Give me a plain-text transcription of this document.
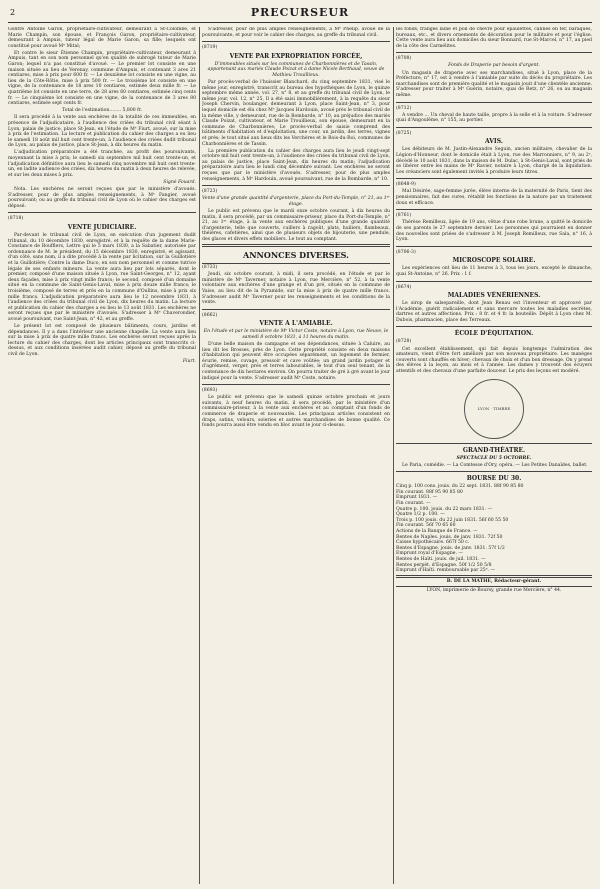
2	PRECURSEUR

Gontre Antoine Garon, propriétaire-cultivateur, demeurant à St-Colombe, et Marie Champin, son épouse, et François Garon, propriétaire-cultivateur, demeurant à Ampuis, tuteur légal de Marie Garon, sa fille; lesquels ont constitué pour avoué Mᵉ Mital;

Et contre le sieur Étienne Champin, propriétaire-cultivateur, demeurant à Ampuis, tant en son nom personnel qu'en qualité de subrogé tuteur de Marie Garon; lequel n'a pas constitué d'avoué. — Le premier lot consiste en une maison située au lieu de Verenay, commune d'Ampuis, et contenant 3 ares 21 centiares, mise à prix pour 600 fr. — Le deuxième lot consiste en une vigne, au lieu de la Côte-Rôtie, mise à prix 500 fr. — Le troisième lot consiste en une vigne, de la contenance de 18 ares 10 centiares, estimée deux mille fr. — Le quatrième lot consiste en une terre, de 28 ares 60 centiares, estimée cinq cents fr. — Le cinquième lot consiste en une vigne, de la contenance de 3 ares 80 centiares, estimée sept cents fr.

Total de l'estimation........ 5,800 fr.

Il sera procédé à la vente aux enchères de la totalité de ces immeubles, en présence de l'adjudicataire, à l'audience des criées du tribunal civil séant à Lyon, palais de justice, place St-Jean, en l'étude de Mᵉ Fiurt, avoué, sur la mise à prix de l'estimation. La lecture et publication du cahier des charges a eu lieu le samedi 18 août mil huit cent trente-un, à l'audience des criées dudit tribunal de Lyon, au palais de justice, place St-Jean, à dix heures du matin.

L'adjudication préparatoire a été tranchée, au profit des poursuivants, moyennant la mise à prix; le samedi six septembre mil huit cent trente-un, et l'adjudication définitive aura lieu le samedi cinq novembre mil huit cent trente-un, en ladite audience des criées, dix heures du matin à deux heures de relevée, et sur les deux mises à prix.

Signé Fouard.

Nota. Les enchères ne seront reçues que par le ministère d'avoués. S'adresser, pour de plus amples renseignements, à Mᵉ Fangier, avoué poursuivant; ou au greffe du tribunal civil de Lyon où le cahier des charges est déposé.

(8718)

VENTE JUDICIAIRE.

Par-devant le tribunal civil de Lyon, en exécution d'un jugement dudit tribunal, du 10 décembre 1830, enregistré, et à la requête de la dame Marie-Constance de Boufflers, Lettre qui le 5 mars 1830, a la Sabatier, autorisée par ordonnance de M. le président, du 15 décembre 1830, enregistré, et agissant, d'un côté, sans nom, il a dite procédé à la vente par licitation, sur la Guillotière et la Guillotière; Contre la dame Duco, en son nom personnel et comme tutrice légale de ses enfants mineurs. La vente aura lieu par lots séparés, dont le premier, composé d'une maison située à Lyon, rue Saint-Georges, n° 12, ayant deux façades, mise à prix vingt mille francs; le second, composé d'un domaine situé en la commune de Saint-Genis-Laval, mise à prix douze mille francs; le troisième, composé de terres et prés en la commune d'Oullins, mise à prix six mille francs. L'adjudication préparatoire aura lieu le 12 novembre 1831, à l'audience des criées du tribunal civil de Lyon, dix heures du matin. La lecture et publication du cahier des charges a eu lieu le 13 août 1831. Les enchères ne seront reçues que par le ministère d'avoués. S'adresser à Mᵉ Chaverondier, avoué poursuivant, rue Saint-Jean, n° 42, et au greffe.

Le présent lot est composé de plusieurs bâtiments, cours, jardins et dépendances. Il y a dans l'intérieur une ancienne chapelle. La vente aura lieu sur la mise à prix de quatre mille francs. Les enchères seront reçues après la lecture du cahier des charges, dont les articles principaux sont transcrits ci-dessus, et aux conditions insérées audit cahier, déposé au greffe du tribunal civil de Lyon.

Fiurt.

S'adresser, pour de plus amples renseignements, à Mᵉ Phelip, avoué de la poursuivante, et pour voir le cahier des charges, au greffe du tribunal civil.

(8719)

VENTE PAR EXPROPRIATION FORCÉE,

D'immeubles situés sur les communes de Charbonnières et de Tassin, appartenant aux mariés Claude Poizat et à dame Nicole Berthaud, veuve de Mathieu Trouillieux.

Par procès-verbal de l'huissier Blanchard, du cinq septembre 1831, visé le même jour, enregistré, transcrit au bureau des hypothèques de Lyon, le quinze septembre même année, vol. 27, n° 8, et au greffe du tribunal civil de Lyon, le même jour, vol. 12, n° 25, Il a été saisi immobilièrement, à la requête du sieur Joseph Chervin, boulanger, demeurant à Lyon, place Saint-Jean, n° 3, pour lequel domicile est élu chez Mᵉ Jacques Hardouin, avoué près le tribunal civil de la même ville, y demeurant, rue de la Bombarde, n° 10, au préjudice des mariés Claude Poizat, cultivateur, et Marie Trouillieux, son épouse, demeurant en la commune de Charbonnières; Le procès-verbal de saisie comprend des bâtiments d'habitation et d'exploitation, une cour, un jardin, des terres, vignes et prés; le tout situé aux lieux dits les Verchères et le Bois-du-Roi, communes de Charbonnières et de Tassin.

La première publication du cahier des charges aura lieu le jeudi vingt-sept octobre mil huit cent trente-un, à l'audience des criées du tribunal civil de Lyon, au palais de justice, place Saint-Jean, dix heures du matin; l'adjudication préparatoire aura lieu le lundi cinq décembre suivant. Les enchères ne seront reçues que par le ministère d'avoués. S'adresser, pour de plus amples renseignements, à Mᵉ Hardouin, avoué poursuivant, rue de la Bombarde, n° 10.

(8723)

Vente d'une grande quantité d'argenterie, place du Port-du-Temple, n° 21, au 1ᵉʳ étage.

Le public est prévenu que le mardi onze octobre courant, à dix heures du matin, il sera procédé, par un commissaire-priseur, place du Port-du-Temple, n° 21, au 1ᵉʳ étage, à la vente aux enchères publiques d'une grande quantité d'argenterie, telle que couverts, cuillers à ragoût, plats, huiliers, flambeaux, théières, cafetières, ainsi que de plusieurs objets de bijouterie, une pendule, des glaces et divers effets mobiliers. Le tout au comptant.

ANNONCES DIVERSES.

(8733)

Jeudi, six octobre courant, à midi, il sera procédé, en l'étude et par le ministère de Mᵉ Taverner, notaire à Lyon, rue Mercière, n° 52, à la vente volontaire aux enchères d'une grange et d'un pré, situés en la commune de Vaise, au lieu dit de la Pyramide, sur la mise à prix de quatre mille francs. S'adresser audit Mᵉ Taverner pour les renseignements et les conditions de la vente.

(8662)

VENTE A L'AMIABLE.

En l'étude et par le ministère de Mᵉ Victor Coste, notaire à Lyon, rue Neuve, le samedi 8 octobre 1831, à 11 heures du matin.

D'une belle maison de campagne et ses dépendances, située à Caluire, au lieu dit les Brosses, près de Lyon. Cette propriété consiste en deux maisons d'habitation qui peuvent être occupées séparément, un logement de fermier, écurie, remise, cuvage, pressoir et cave voûtée; un grand jardin potager et d'agrément, verger, prés et terres labourables, le tout d'un seul tenant, de la contenance de dix hectares environ. On pourra traiter de gré à gré avant le jour indiqué pour la vente. S'adresser audit Mᵉ Coste, notaire.

(8693)

Le public est prévenu que le samedi quinze octobre prochain et jours suivants, à neuf heures du matin, il sera procédé, par le ministère d'un commissaire-priseur, à la vente aux enchères et au comptant d'un fonds de commerce de draperie et nouveautés. Les principaux articles consistent en draps, satins, velours, soieries et autres marchandises de bonne qualité. Ce fonds pourra aussi être vendu en bloc avant le jour ci-dessus.

les fonds, franges laine et poil de chèvre pour épaulettes, cannes en fer, baraques, bureaux, etc., et divers ornements de décoration pour le militaire et pour l'église. Cette vente aura lieu aux domiciles du sieur Bonnard, rue St-Marcel, n° 17, au pied de la côte des Carmélites.

(8708)

Fonds de Draperie par besoin d'argent.

Un magasin de draperie avec ses marchandises, situé à Lyon, place de la Préfecture, n° 17, est à vendre à l'amiable par suite du décès du propriétaire. Les marchandises sont de première qualité et le magasin jouit d'une clientèle ancienne. S'adresser pour traiter à Mᵉ Guérin, notaire, quai de Retz, n° 26, ou au magasin même.

(8712)

A vendre ... Un cheval de haute taille, propre à la selle et à la voiture. S'adresser quai d'Angoulême, n° 155, au portier.

(8725)

AVIS.

Les débiteurs de M. Justin-Alexandre Seguin, ancien militaire, chevalier de la Légion-d'Honneur, dont le domicile était à Lyon, rue des Marronniers, n° 9, au 2ᵉ, décédé le 10 août 1831, dans la maison de M. Dulac, à St-Genis-Laval, sont priés de se libérer entre les mains de Mᵉ Ravier, notaire à Lyon, chargé de la liquidation. Les créanciers sont également invités à produire leurs titres.

(8648-9)

Mal Désirée, sage-femme jurée, élève interne de la maternité de Paris, tient des pensionnaires, fait des cures, rétablit les fonctions de la nature par un traitement doux et efficace.

(8761)

Thérèse Remilleux, âgée de 19 ans, vêtue d'une robe brune, a quitté le domicile de ses parents le 27 septembre dernier. Les personnes qui pourraient en donner des nouvelles sont priées de s'adresser à M. Joseph Remilleux, rue Sala, n° 16, à Lyon.

(8706-3)

MICROSCOPE SOLAIRE.

Les expériences ont lieu de 11 heures à 3, tous les jours, excepté le dimanche, quai St-Antoine, n° 26. Prix : 1 f.

(8674)

MALADIES VÉNÉRIENNES.

Le sirop de salsepareille, dont Jean Renau est l'inventeur et approuvé par l'Académie, guérit radicalement et sans mercure toutes les maladies secrètes, dartres et autres affections. Prix : 8 fr. et 4 fr. la bouteille. Dépôt à Lyon chez M. Dubois, pharmacien, place des Terreaux.

ÉCOLE D'ÉQUITATION.

(8728)

Cet excellent établissement, qui fait depuis longtemps l'admiration des amateurs, vient d'être fort amélioré par son nouveau propriétaire. Les manèges couverts sont chauffés en hiver; chevaux de choix et d'un bon dressage. On y prend des élèves à la leçon, au mois et à l'année. Les dames y trouvent des écuyers attentifs et des chevaux d'une parfaite douceur. Le prix des leçons est modéré.

LYON · TIMBRE

GRAND-THÉATRE.

SPECTACLE DU 5 OCTOBRE.

Le Paria, comédie. — La Comtesse d'Ory, opéra. — Les Petites Danaïdes, ballet.

BOURSE DU 30.

Cinq p. 100 cons. jouis. du 22 sept. 1831. 88f 90 85 80
Fin courant. 88f 95 90 85 80
Emprunt 1831. —
Fin courant. —
Quatre p. 100. jouis. du 22 mars 1831. —
Quatre 1/2 p. 100. —
Trois p. 100 jouis. du 22 juin 1831. 56f 60 55 50
Fin courant. 56f 70 65 60
Actions de la Banque de France. —
Rentes de Naples. jouis. de janv. 1831. 72f 50
Caisse hypothécaire. 667f 50 c.
Rentes d'Espagne. jouis. de janv. 1831. 57f 1/2
Emprunt royal d'Espagne. —
Rentes de Haïti. jouis. de juil. 1831. —
Rentes perpét. d'Espagne. 50f 1/2 50 5/8
Emprunt d'Haïti. remboursable par 25ᵉ. —

B. DE LA MATHE, Rédacteur-gérant.

LYON, imprimerie de Boursy, grande rue Mercière, n° 44.
